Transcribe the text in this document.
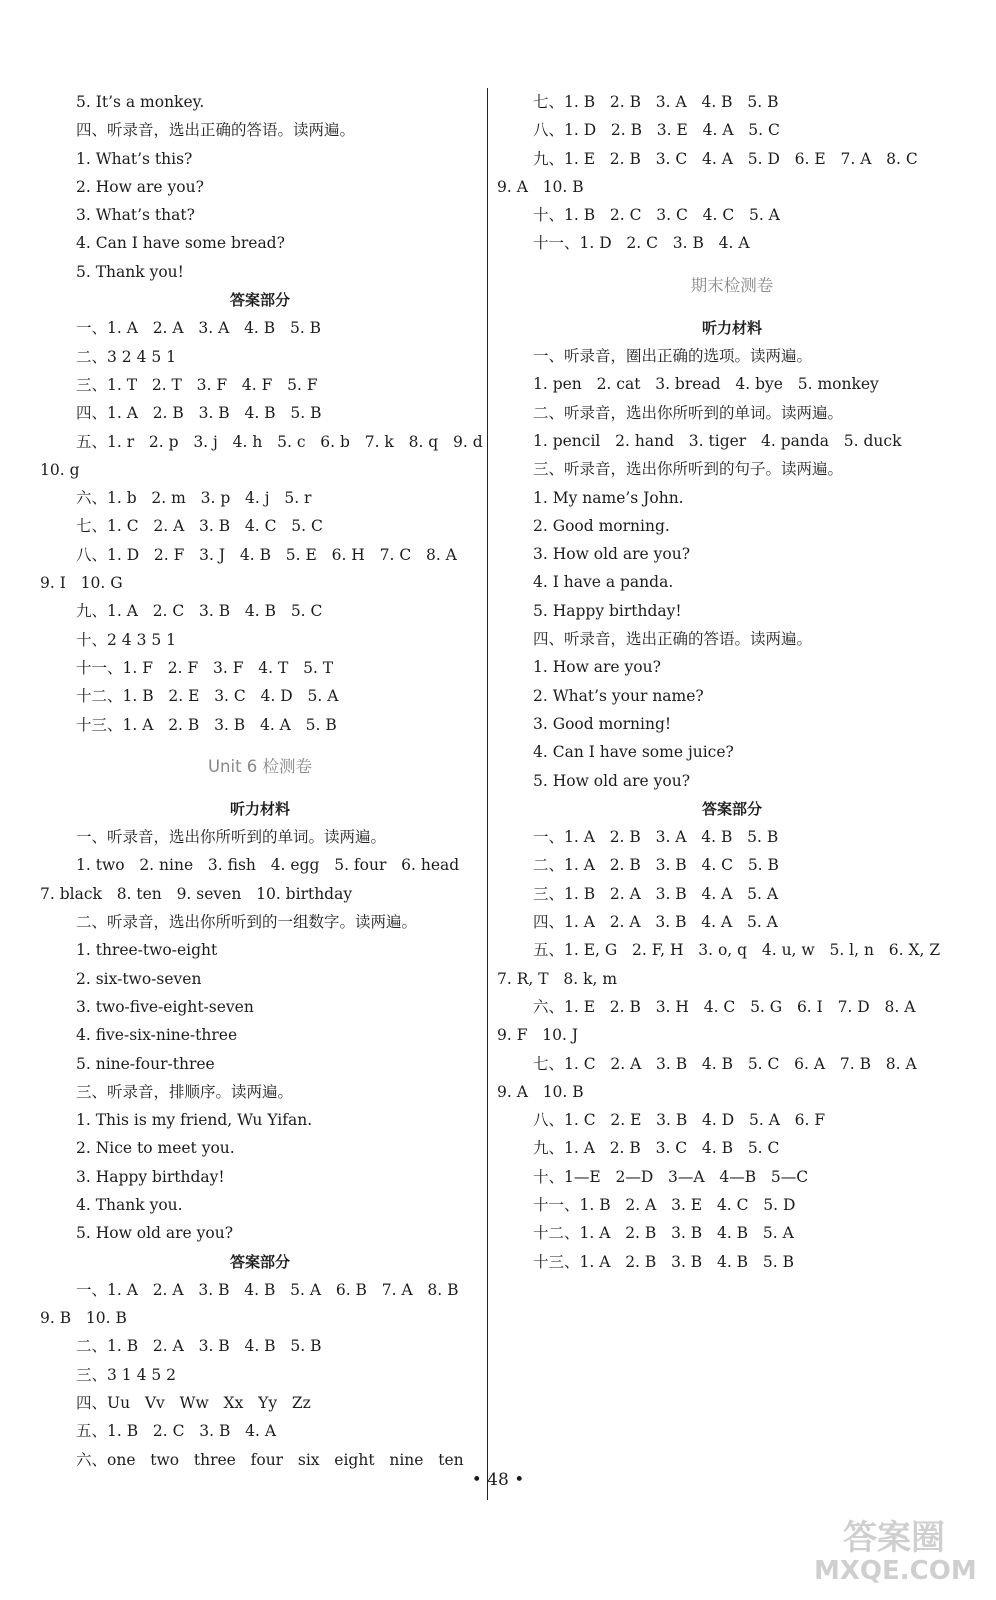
5. It’s a monkey.
四、听录音，选出正确的答语。读两遍。
1. What’s this?
2. How are you?
3. What’s that?
4. Can I have some bread?
5. Thank you!
答案部分
一、1. A   2. A   3. A   4. B   5. B
二、3 2 4 5 1
三、1. T   2. T   3. F   4. F   5. F
四、1. A   2. B   3. B   4. B   5. B
五、1. r   2. p   3. j   4. h   5. c   6. b   7. k   8. q   9. d
10. g
六、1. b   2. m   3. p   4. j   5. r
七、1. C   2. A   3. B   4. C   5. C
八、1. D   2. F   3. J   4. B   5. E   6. H   7. C   8. A
9. I   10. G
九、1. A   2. C   3. B   4. B   5. C
十、2 4 3 5 1
十一、1. F   2. F   3. F   4. T   5. T
十二、1. B   2. E   3. C   4. D   5. A
十三、1. A   2. B   3. B   4. A   5. B
Unit 6 检测卷
听力材料
一、听录音，选出你所听到的单词。读两遍。
1. two   2. nine   3. fish   4. egg   5. four   6. head
7. black   8. ten   9. seven   10. birthday
二、听录音，选出你所听到的一组数字。读两遍。
1. three-two-eight
2. six-two-seven
3. two-five-eight-seven
4. five-six-nine-three
5. nine-four-three
三、听录音，排顺序。读两遍。
1. This is my friend, Wu Yifan.
2. Nice to meet you.
3. Happy birthday!
4. Thank you.
5. How old are you?
答案部分
一、1. A   2. A   3. B   4. B   5. A   6. B   7. A   8. B
9. B   10. B
二、1. B   2. A   3. B   4. B   5. B
三、3 1 4 5 2
四、Uu   Vv   Ww   Xx   Yy   Zz
五、1. B   2. C   3. B   4. A
六、one   two   three   four   six   eight   nine   ten
七、1. B   2. B   3. A   4. B   5. B
八、1. D   2. B   3. E   4. A   5. C
九、1. E   2. B   3. C   4. A   5. D   6. E   7. A   8. C
9. A   10. B
十、1. B   2. C   3. C   4. C   5. A
十一、1. D   2. C   3. B   4. A
期末检测卷
听力材料
一、听录音，圈出正确的选项。读两遍。
1. pen   2. cat   3. bread   4. bye   5. monkey
二、听录音，选出你所听到的单词。读两遍。
1. pencil   2. hand   3. tiger   4. panda   5. duck
三、听录音，选出你所听到的句子。读两遍。
1. My name’s John.
2. Good morning.
3. How old are you?
4. I have a panda.
5. Happy birthday!
四、听录音，选出正确的答语。读两遍。
1. How are you?
2. What’s your name?
3. Good morning!
4. Can I have some juice?
5. How old are you?
答案部分
一、1. A   2. B   3. A   4. B   5. B
二、1. A   2. B   3. B   4. C   5. B
三、1. B   2. A   3. B   4. A   5. A
四、1. A   2. A   3. B   4. A   5. A
五、1. E, G   2. F, H   3. o, q   4. u, w   5. l, n   6. X, Z
7. R, T   8. k, m
六、1. E   2. B   3. H   4. C   5. G   6. I   7. D   8. A
9. F   10. J
七、1. C   2. A   3. B   4. B   5. C   6. A   7. B   8. A
9. A   10. B
八、1. C   2. E   3. B   4. D   5. A   6. F
九、1. A   2. B   3. C   4. B   5. C
十、1—E   2—D   3—A   4—B   5—C
十一、1. B   2. A   3. E   4. C   5. D
十二、1. A   2. B   3. B   4. B   5. A
十三、1. A   2. B   3. B   4. B   5. B
• 48 •
答案圈
MXQE.COM
